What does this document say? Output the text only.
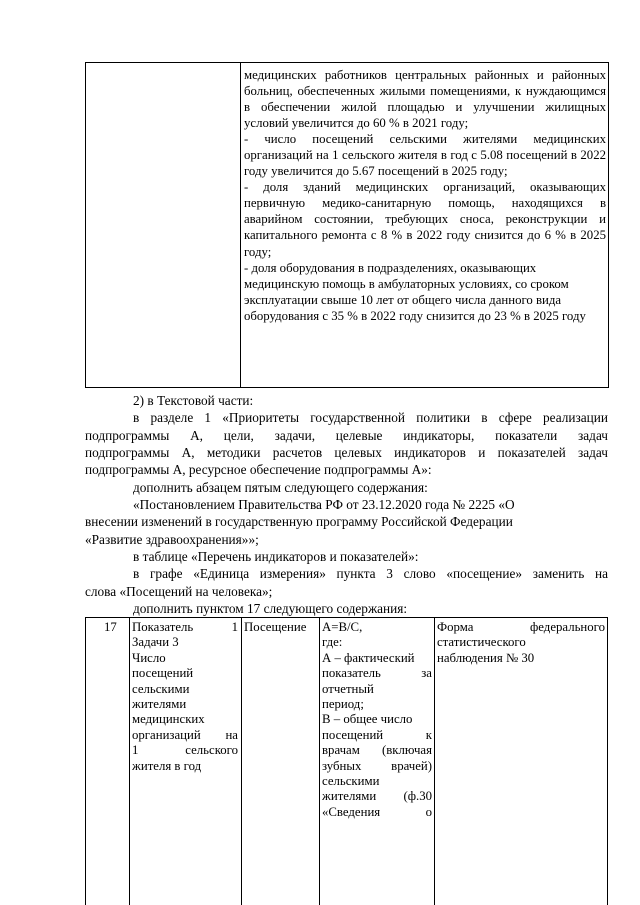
медицинских работников центральных районных и районных больниц, обеспеченных жилыми помещениями, к нуждающимся в обеспечении жилой площадью и улучшении жилищных условий увеличится до 60 % в 2021 году;

- число посещений сельскими жителями медицинских организаций на 1 сельского жителя в год с 5.08 посещений в 2022 году увеличится до 5.67 посещений в 2025 году;

- доля зданий медицинских организаций, оказывающих первичную медико-санитарную помощь, находящихся в аварийном состоянии, требующих сноса, реконструкции и капитального ремонта с 8 % в 2022 году снизится до 6 % в 2025 году;

- доля оборудования в подразделениях, оказывающих медицинскую помощь в амбулаторных условиях, со сроком эксплуатации свыше 10 лет от общего числа данного вида оборудования с 35 % в 2022 году снизится до 23 % в 2025 году

2) в Текстовой части:
в разделе 1 «Приоритеты государственной политики в сфере реализации
подпрограммы А, цели, задачи, целевые индикаторы, показатели задач
подпрограммы А, методики расчетов целевых индикаторов и показателей задач
подпрограммы А, ресурсное обеспечение подпрограммы А»:
дополнить абзацем пятым следующего содержания:
«Постановлением Правительства РФ от 23.12.2020 года № 2225 «О
внесении изменений в государственную программу Российской Федерации
«Развитие здравоохранения»»;
в таблице «Перечень индикаторов и показателей»:
в графе «Единица измерения» пункта 3 слово «посещение» заменить на
слова «Посещений на человека»;
дополнить пунктом 17 следующего содержания:
17	Показатель 1
Задачи 3
Число
посещений
сельскими
жителями
медицинских
организаций на
1 сельского
жителя в год
Посещение	А=В/С,
где:
А – фактический
показатель за
отчетный
период;
В – общее число
посещений к
врачам (включая
зубных врачей)
сельскими
жителями (ф.30
«Сведения о
Форма федерального
статистического
наблюдения № 30
